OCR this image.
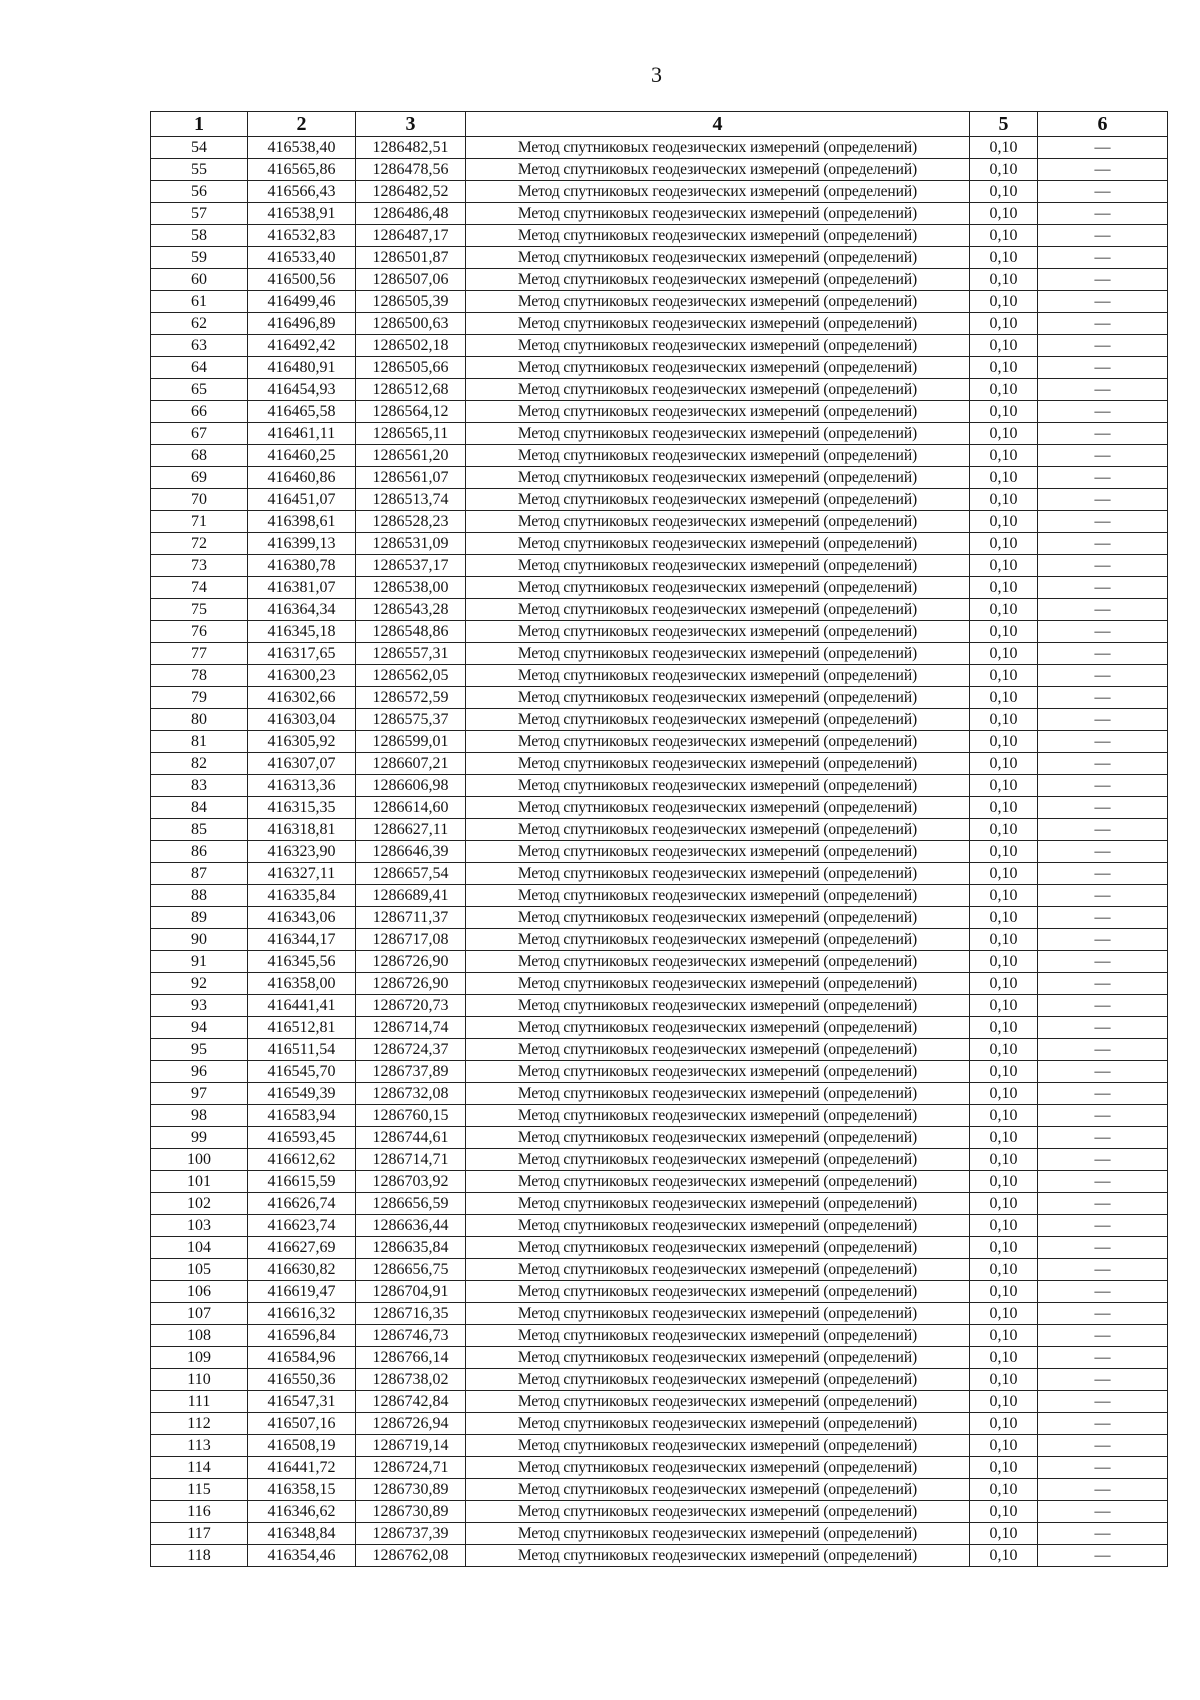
3
1	2	3	4	5	6
54	416538,40	1286482,51	Метод спутниковых геодезических измерений (определений)	0,10	—
55	416565,86	1286478,56	Метод спутниковых геодезических измерений (определений)	0,10	—
56	416566,43	1286482,52	Метод спутниковых геодезических измерений (определений)	0,10	—
57	416538,91	1286486,48	Метод спутниковых геодезических измерений (определений)	0,10	—
58	416532,83	1286487,17	Метод спутниковых геодезических измерений (определений)	0,10	—
59	416533,40	1286501,87	Метод спутниковых геодезических измерений (определений)	0,10	—
60	416500,56	1286507,06	Метод спутниковых геодезических измерений (определений)	0,10	—
61	416499,46	1286505,39	Метод спутниковых геодезических измерений (определений)	0,10	—
62	416496,89	1286500,63	Метод спутниковых геодезических измерений (определений)	0,10	—
63	416492,42	1286502,18	Метод спутниковых геодезических измерений (определений)	0,10	—
64	416480,91	1286505,66	Метод спутниковых геодезических измерений (определений)	0,10	—
65	416454,93	1286512,68	Метод спутниковых геодезических измерений (определений)	0,10	—
66	416465,58	1286564,12	Метод спутниковых геодезических измерений (определений)	0,10	—
67	416461,11	1286565,11	Метод спутниковых геодезических измерений (определений)	0,10	—
68	416460,25	1286561,20	Метод спутниковых геодезических измерений (определений)	0,10	—
69	416460,86	1286561,07	Метод спутниковых геодезических измерений (определений)	0,10	—
70	416451,07	1286513,74	Метод спутниковых геодезических измерений (определений)	0,10	—
71	416398,61	1286528,23	Метод спутниковых геодезических измерений (определений)	0,10	—
72	416399,13	1286531,09	Метод спутниковых геодезических измерений (определений)	0,10	—
73	416380,78	1286537,17	Метод спутниковых геодезических измерений (определений)	0,10	—
74	416381,07	1286538,00	Метод спутниковых геодезических измерений (определений)	0,10	—
75	416364,34	1286543,28	Метод спутниковых геодезических измерений (определений)	0,10	—
76	416345,18	1286548,86	Метод спутниковых геодезических измерений (определений)	0,10	—
77	416317,65	1286557,31	Метод спутниковых геодезических измерений (определений)	0,10	—
78	416300,23	1286562,05	Метод спутниковых геодезических измерений (определений)	0,10	—
79	416302,66	1286572,59	Метод спутниковых геодезических измерений (определений)	0,10	—
80	416303,04	1286575,37	Метод спутниковых геодезических измерений (определений)	0,10	—
81	416305,92	1286599,01	Метод спутниковых геодезических измерений (определений)	0,10	—
82	416307,07	1286607,21	Метод спутниковых геодезических измерений (определений)	0,10	—
83	416313,36	1286606,98	Метод спутниковых геодезических измерений (определений)	0,10	—
84	416315,35	1286614,60	Метод спутниковых геодезических измерений (определений)	0,10	—
85	416318,81	1286627,11	Метод спутниковых геодезических измерений (определений)	0,10	—
86	416323,90	1286646,39	Метод спутниковых геодезических измерений (определений)	0,10	—
87	416327,11	1286657,54	Метод спутниковых геодезических измерений (определений)	0,10	—
88	416335,84	1286689,41	Метод спутниковых геодезических измерений (определений)	0,10	—
89	416343,06	1286711,37	Метод спутниковых геодезических измерений (определений)	0,10	—
90	416344,17	1286717,08	Метод спутниковых геодезических измерений (определений)	0,10	—
91	416345,56	1286726,90	Метод спутниковых геодезических измерений (определений)	0,10	—
92	416358,00	1286726,90	Метод спутниковых геодезических измерений (определений)	0,10	—
93	416441,41	1286720,73	Метод спутниковых геодезических измерений (определений)	0,10	—
94	416512,81	1286714,74	Метод спутниковых геодезических измерений (определений)	0,10	—
95	416511,54	1286724,37	Метод спутниковых геодезических измерений (определений)	0,10	—
96	416545,70	1286737,89	Метод спутниковых геодезических измерений (определений)	0,10	—
97	416549,39	1286732,08	Метод спутниковых геодезических измерений (определений)	0,10	—
98	416583,94	1286760,15	Метод спутниковых геодезических измерений (определений)	0,10	—
99	416593,45	1286744,61	Метод спутниковых геодезических измерений (определений)	0,10	—
100	416612,62	1286714,71	Метод спутниковых геодезических измерений (определений)	0,10	—
101	416615,59	1286703,92	Метод спутниковых геодезических измерений (определений)	0,10	—
102	416626,74	1286656,59	Метод спутниковых геодезических измерений (определений)	0,10	—
103	416623,74	1286636,44	Метод спутниковых геодезических измерений (определений)	0,10	—
104	416627,69	1286635,84	Метод спутниковых геодезических измерений (определений)	0,10	—
105	416630,82	1286656,75	Метод спутниковых геодезических измерений (определений)	0,10	—
106	416619,47	1286704,91	Метод спутниковых геодезических измерений (определений)	0,10	—
107	416616,32	1286716,35	Метод спутниковых геодезических измерений (определений)	0,10	—
108	416596,84	1286746,73	Метод спутниковых геодезических измерений (определений)	0,10	—
109	416584,96	1286766,14	Метод спутниковых геодезических измерений (определений)	0,10	—
110	416550,36	1286738,02	Метод спутниковых геодезических измерений (определений)	0,10	—
111	416547,31	1286742,84	Метод спутниковых геодезических измерений (определений)	0,10	—
112	416507,16	1286726,94	Метод спутниковых геодезических измерений (определений)	0,10	—
113	416508,19	1286719,14	Метод спутниковых геодезических измерений (определений)	0,10	—
114	416441,72	1286724,71	Метод спутниковых геодезических измерений (определений)	0,10	—
115	416358,15	1286730,89	Метод спутниковых геодезических измерений (определений)	0,10	—
116	416346,62	1286730,89	Метод спутниковых геодезических измерений (определений)	0,10	—
117	416348,84	1286737,39	Метод спутниковых геодезических измерений (определений)	0,10	—
118	416354,46	1286762,08	Метод спутниковых геодезических измерений (определений)	0,10	—
